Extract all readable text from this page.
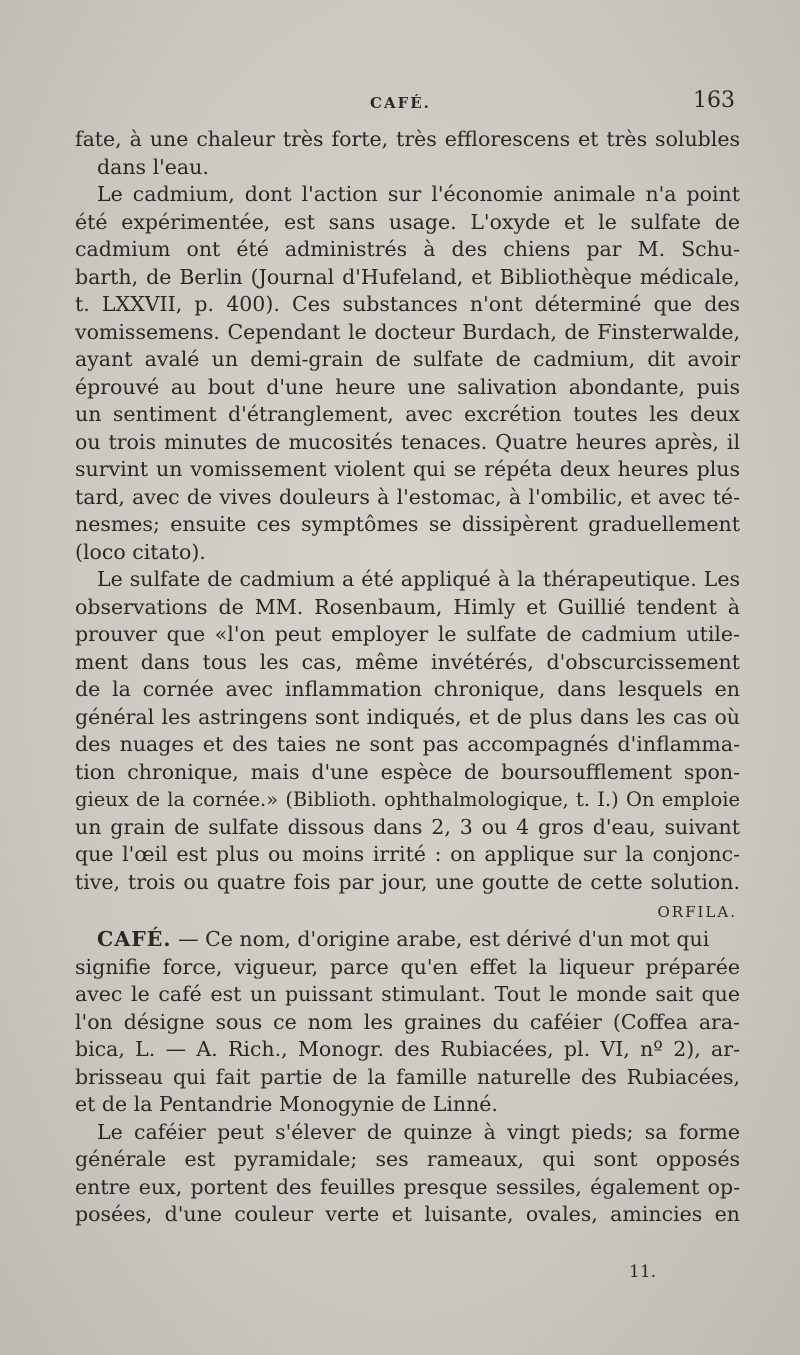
CAFÉ.	163
fate, à une chaleur très forte, très efflorescens et très solubles
dans l'eau.
Le cadmium, dont l'action sur l'économie animale n'a point
été expérimentée, est sans usage. L'oxyde et le sulfate de
cadmium ont été administrés à des chiens par M. Schu-
barth, de Berlin (Journal d'Hufeland, et Bibliothèque médicale,
t. LXXVII, p. 400). Ces substances n'ont déterminé que des
vomissemens. Cependant le docteur Burdach, de Finsterwalde,
ayant avalé un demi-grain de sulfate de cadmium, dit avoir
éprouvé au bout d'une heure une salivation abondante, puis
un sentiment d'étranglement, avec excrétion toutes les deux
ou trois minutes de mucosités tenaces. Quatre heures après, il
survint un vomissement violent qui se répéta deux heures plus
tard, avec de vives douleurs à l'estomac, à l'ombilic, et avec té-
nesmes; ensuite ces symptômes se dissipèrent graduellement
(loco citato).
Le sulfate de cadmium a été appliqué à la thérapeutique. Les
observations de MM. Rosenbaum, Himly et Guillié tendent à
prouver que «l'on peut employer le sulfate de cadmium utile-
ment dans tous les cas, même invétérés, d'obscurcissement
de la cornée avec inflammation chronique, dans lesquels en
général les astringens sont indiqués, et de plus dans les cas où
des nuages et des taies ne sont pas accompagnés d'inflamma-
tion chronique, mais d'une espèce de boursoufflement spon-
gieux de la cornée.» (Biblioth. ophthalmologique, t. I.) On emploie
un grain de sulfate dissous dans 2, 3 ou 4 gros d'eau, suivant
que l'œil est plus ou moins irrité : on applique sur la conjonc-
tive, trois ou quatre fois par jour, une goutte de cette solution.
ORFILA.
CAFÉ. — Ce nom, d'origine arabe, est dérivé d'un mot qui
signifie force, vigueur, parce qu'en effet la liqueur préparée
avec le café est un puissant stimulant. Tout le monde sait que
l'on désigne sous ce nom les graines du caféier (Coffea ara-
bica, L. — A. Rich., Monogr. des Rubiacées, pl. VI, nº 2), ar-
brisseau qui fait partie de la famille naturelle des Rubiacées,
et de la Pentandrie Monogynie de Linné.
Le caféier peut s'élever de quinze à vingt pieds; sa forme
générale est pyramidale; ses rameaux, qui sont opposés
entre eux, portent des feuilles presque sessiles, également op-
posées, d'une couleur verte et luisante, ovales, amincies en
11.
